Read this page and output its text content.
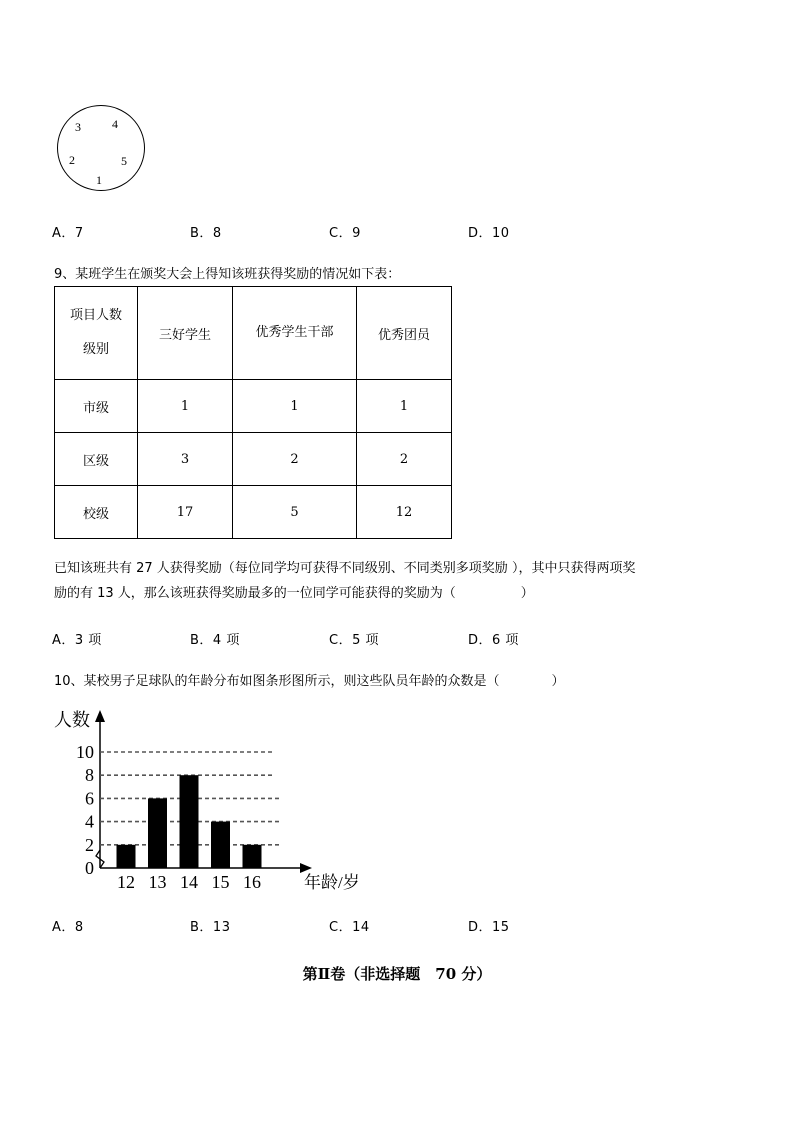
3	4
2	5
1
A．7	B．8	C．9	D．10
9、某班学生在颁奖大会上得知该班获得奖励的情况如下表：
项目人数
级别	三好学生	优秀学生干部	优秀团员
市级	1	1	1
区级	3	2	2
校级	17	5	12
已知该班共有 27 人获得奖励（每位同学均可获得不同级别、不同类别多项奖励 ），其中只获得两项奖
励的有 13 人，那么该班获得奖励最多的一位同学可能获得的奖励为（　　　　　）
A．3 项	B．4 项	C．5 项	D．6 项
10、某校男子足球队的年龄分布如图条形图所示，则这些队员年龄的众数是（　　　　）
0
2
4
6
8
10
12 13 14 15 16
人数
年龄/岁
A．8	B．13	C．14	D．15
第Ⅱ卷（非选择题　70 分）
